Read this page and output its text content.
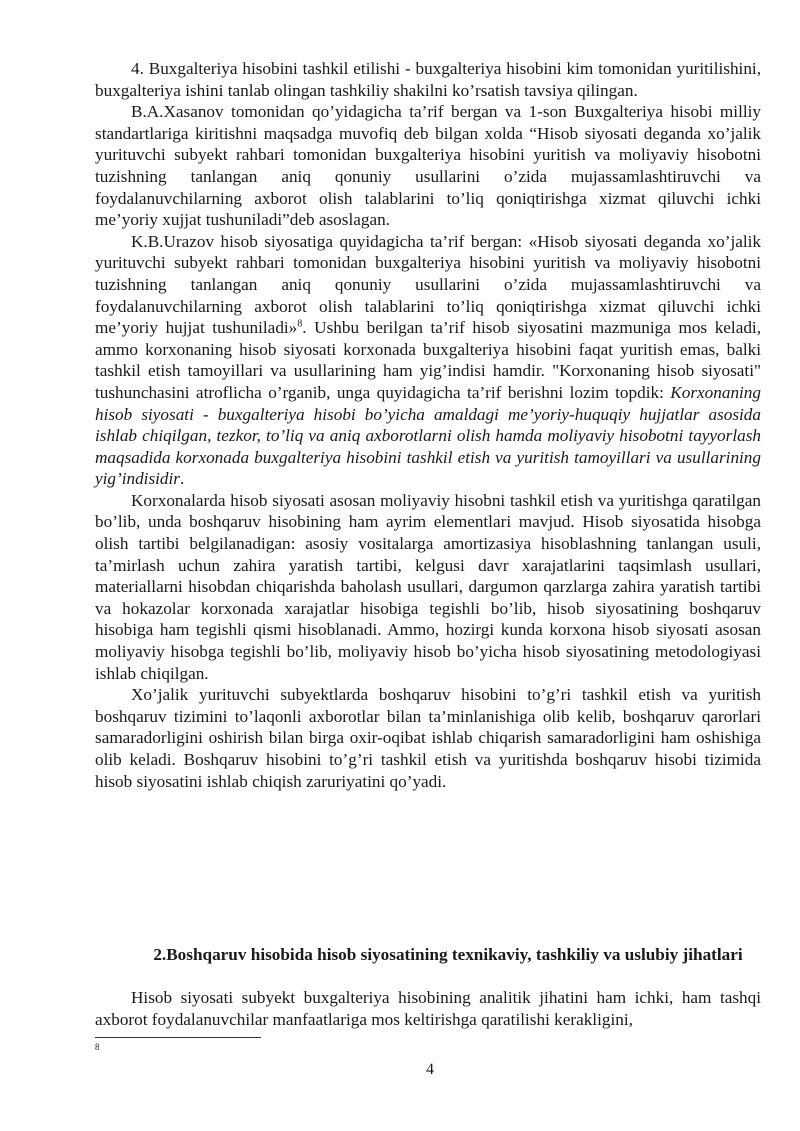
4. Buxgalteriya hisobini tashkil etilishi - buxgalteriya hisobini kim tomonidan yuritilishini, buxgalteriya ishini tanlab olingan tashkiliy shakilni ko’rsatish tavsiya qilingan.

B.A.Xasanov tomonidan qo’yidagicha ta’rif bergan va 1-son Buxgalteriya hisobi milliy standartlariga kiritishni maqsadga muvofiq deb bilgan xolda “Hisob siyosati deganda xo’jalik yurituvchi subyekt rahbari tomonidan buxgalteriya hisobini yuritish va moliyaviy hisobotni tuzishning tanlangan aniq qonuniy usullarini o’zida mujassamlashtiruvchi va foydalanuvchilarning axborot olish talablarini to’liq qoniqtirishga xizmat qiluvchi ichki me’yoriy xujjat tushuniladi”deb asoslagan.

K.B.Urazov hisob siyosatiga quyidagicha ta’rif bergan: «Hisob siyosati deganda xo’jalik yurituvchi subyekt rahbari tomonidan buxgalteriya hisobini yuritish va moliyaviy hisobotni tuzishning tanlangan aniq qonuniy usullarini o’zida mujassamlashtiruvchi va foydalanuvchilarning axborot olish talablarini to’liq qoniqtirishga xizmat qiluvchi ichki me’yoriy hujjat tushuniladi»$^8$. Ushbu berilgan ta’rif hisob siyosatini mazmuniga mos keladi, ammo korxonaning hisob siyosati korxonada buxgalteriya hisobini faqat yuritish emas, balki tashkil etish tamoyillari va usullarining ham yig’indisi hamdir. "Korxonaning hisob siyosati" tushunchasini atroflicha o’rganib, unga quyidagicha ta’rif berishni lozim topdik: Korxonaning hisob siyosati - buxgalteriya hisobi bo’yicha amaldagi me’yoriy-huquqiy hujjatlar asosida ishlab chiqilgan, tezkor, to’liq va aniq axborotlarni olish hamda moliyaviy hisobotni tayyorlash maqsadida korxonada buxgalteriya hisobini tashkil etish va yuritish tamoyillari va usullarining yig’indisidir.

Korxonalarda hisob siyosati asosan moliyaviy hisobni tashkil etish va yuritishga qaratilgan bo’lib, unda boshqaruv hisobining ham ayrim elementlari mavjud. Hisob siyosatida hisobga olish tartibi belgilanadigan: asosiy vositalarga amortizasiya hisoblashning tanlangan usuli, ta’mirlash uchun zahira yaratish tartibi, kelgusi davr xarajatlarini taqsimlash usullari, materiallarni hisobdan chiqarishda baholash usullari, dargumon qarzlarga zahira yaratish tartibi va hokazolar korxonada xarajatlar hisobiga tegishli bo’lib, hisob siyosatining boshqaruv hisobiga ham tegishli qismi hisoblanadi. Ammo, hozirgi kunda korxona hisob siyosati asosan moliyaviy hisobga tegishli bo’lib, moliyaviy hisob bo’yicha hisob siyosatining metodologiyasi ishlab chiqilgan.

Xo’jalik yurituvchi subyektlarda boshqaruv hisobini to’g’ri tashkil etish va yuritish boshqaruv tizimini to’laqonli axborotlar bilan ta’minlanishiga olib kelib, boshqaruv qarorlari samaradorligini oshirish bilan birga oxir-oqibat ishlab chiqarish samaradorligini ham oshishiga olib keladi. Boshqaruv hisobini to’g’ri tashkil etish va yuritishda boshqaruv hisobi tizimida hisob siyosatini ishlab chiqish zaruriyatini qo’yadi.

2.Boshqaruv hisobida hisob siyosatining texnikaviy, tashkiliy va uslubiy jihatlari

Hisob siyosati subyekt buxgalteriya hisobining analitik jihatini ham ichki, ham tashqi axborot foydalanuvchilar manfaatlariga mos keltirishga qaratilishi kerakligini,

8
4
